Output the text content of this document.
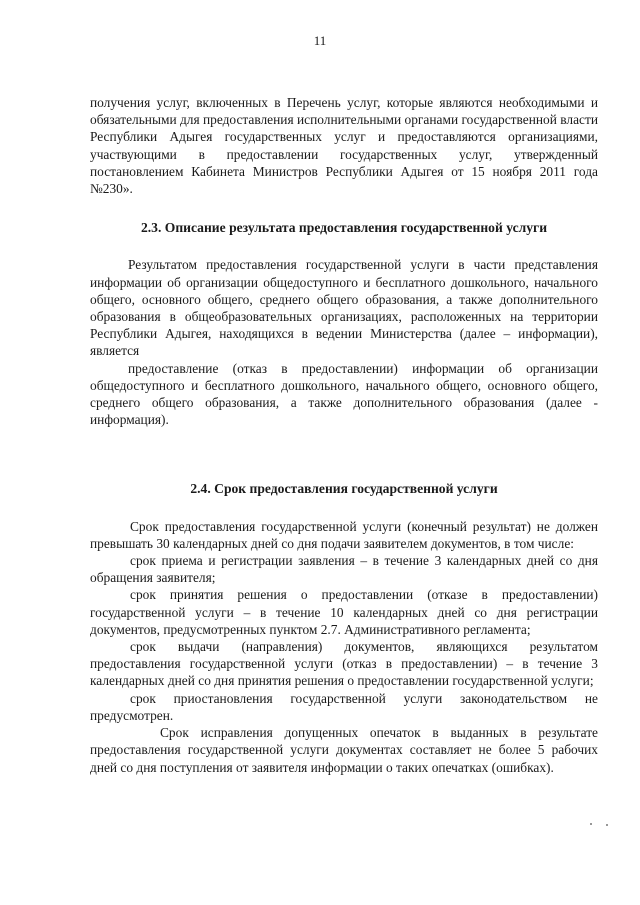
11

получения услуг, включенных в Перечень услуг, которые являются необходимыми и обязательными для предоставления исполнительными органами государственной власти Республики Адыгея государственных услуг и предоставляются организациями, участвующими в предоставлении государственных услуг, утвержденный постановлением Кабинета Министров Республики Адыгея от 15 ноября 2011 года №230».

2.3. Описание результата предоставления государственной услуги

Результатом предоставления государственной услуги в части представления информации об организации общедоступного и бесплатного дошкольного, начального общего, основного общего, среднего общего образования, а также дополнительного образования в общеобразовательных организациях, расположенных на территории Республики Адыгея, находящихся в ведении Министерства (далее – информации), является

предоставление (отказ в предоставлении) информации об организации общедоступного и бесплатного дошкольного, начального общего, основного общего, среднего общего образования, а также дополнительного образования (далее - информация).

2.4. Срок предоставления государственной услуги

Срок предоставления государственной услуги (конечный результат) не должен превышать 30 календарных дней со дня подачи заявителем документов, в том числе:

срок приема и регистрации заявления – в течение 3 календарных дней со дня обращения заявителя;

срок принятия решения о предоставлении (отказе в предоставлении) государственной услуги – в течение 10 календарных дней со дня регистрации документов, предусмотренных пунктом 2.7. Административного регламента;

срок выдачи (направления) документов, являющихся результатом предоставления государственной услуги (отказ в предоставлении) – в течение 3 календарных дней со дня принятия решения о предоставлении государственной услуги;

срок приостановления государственной услуги законодательством не предусмотрен.

Срок исправления допущенных опечаток в выданных в результате предоставления государственной услуги документах составляет не более 5 рабочих дней со дня поступления от заявителя информации о таких опечатках (ошибках).
